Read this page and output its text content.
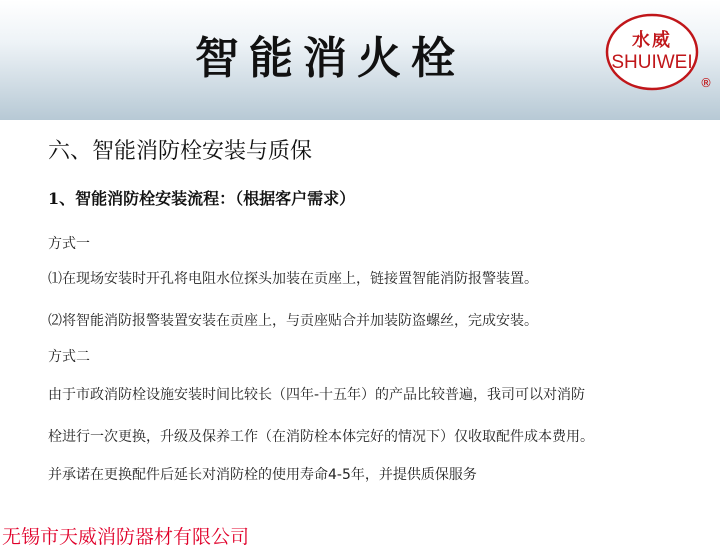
智能消火栓	水威
SHUIWEI
®
六、智能消防栓安装与质保
1、智能消防栓安装流程：（根据客户需求）
方式一
⑴在现场安装时开孔将电阻水位探头加装在贡座上，链接置智能消防报警装置。
⑵将智能消防报警装置安装在贡座上，与贡座贴合并加装防盗螺丝，完成安装。
方式二
由于市政消防栓设施安装时间比较长（四年-十五年）的产品比较普遍，我司可以对消防
栓进行一次更换，升级及保养工作（在消防栓本体完好的情况下）仅收取配件成本费用。
并承诺在更换配件后延长对消防栓的使用寿命4-5年，并提供质保服务
无锡市天威消防器材有限公司
